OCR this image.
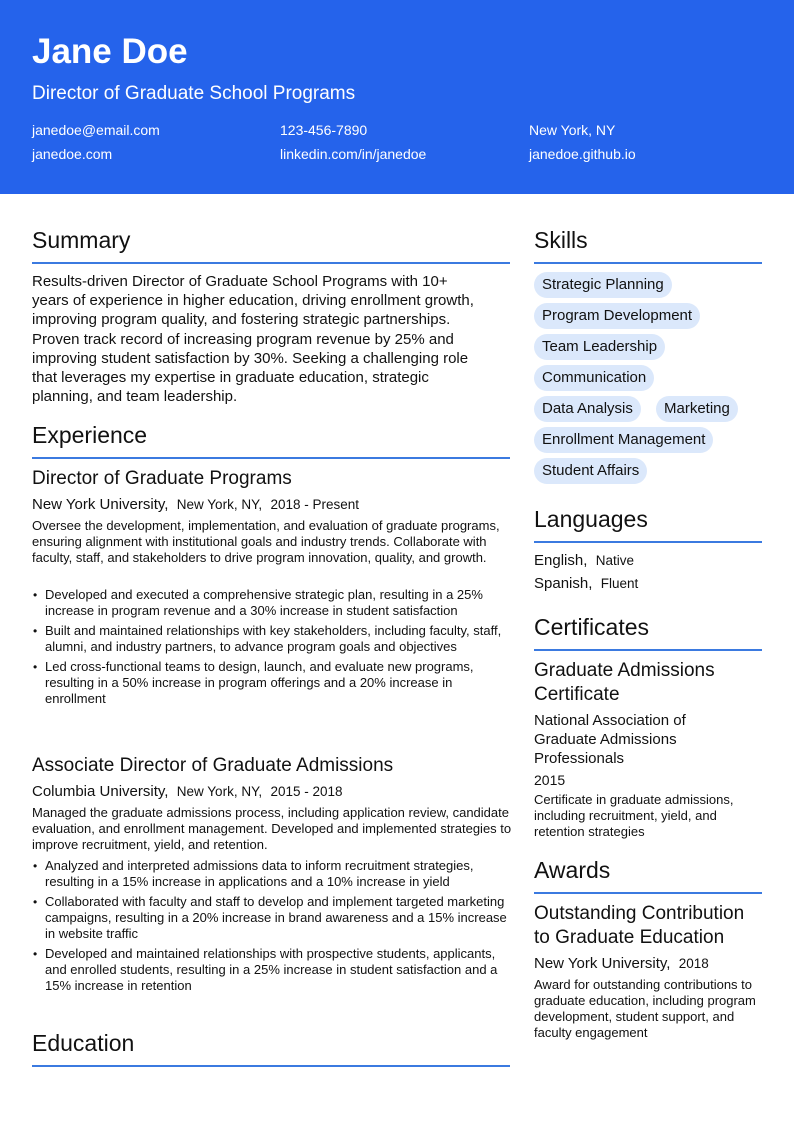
Jane Doe
Director of Graduate School Programs
janedoe@email.com	123-456-7890	New York, NY
janedoe.com	linkedin.com/in/janedoe	janedoe.github.io
Summary
Results-driven Director of Graduate School Programs with 10+
years of experience in higher education, driving enrollment growth,
improving program quality, and fostering strategic partnerships.
Proven track record of increasing program revenue by 25% and
improving student satisfaction by 30%. Seeking a challenging role
that leverages my expertise in graduate education, strategic
planning, and team leadership.
Experience
Director of Graduate Programs
New York University, New York, NY, 2018 - Present
Oversee the development, implementation, and evaluation of graduate programs, ensuring alignment with institutional goals and industry trends. Collaborate with faculty, staff, and stakeholders to drive program innovation, quality, and growth.
• Developed and executed a comprehensive strategic plan, resulting in a 25% increase in program revenue and a 30% increase in student satisfaction
• Built and maintained relationships with key stakeholders, including faculty, staff, alumni, and industry partners, to advance program goals and objectives
• Led cross-functional teams to design, launch, and evaluate new programs, resulting in a 50% increase in program offerings and a 20% increase in enrollment
Associate Director of Graduate Admissions
Columbia University, New York, NY, 2015 - 2018
Managed the graduate admissions process, including application review, candidate evaluation, and enrollment management. Developed and implemented strategies to improve recruitment, yield, and retention.
• Analyzed and interpreted admissions data to inform recruitment strategies, resulting in a 15% increase in applications and a 10% increase in yield
• Collaborated with faculty and staff to develop and implement targeted marketing campaigns, resulting in a 20% increase in brand awareness and a 15% increase in website traffic
• Developed and maintained relationships with prospective students, applicants, and enrolled students, resulting in a 25% increase in student satisfaction and a 15% increase in retention
Education
Skills
Strategic Planning
Program Development
Team Leadership
Communication
Data Analysis	Marketing
Enrollment Management
Student Affairs
Languages
English, Native
Spanish, Fluent
Certificates
Graduate Admissions
Certificate
National Association of
Graduate Admissions
Professionals
2015
Certificate in graduate admissions, including recruitment, yield, and retention strategies
Awards
Outstanding Contribution
to Graduate Education
New York University, 2018
Award for outstanding contributions to graduate education, including program development, student support, and faculty engagement
